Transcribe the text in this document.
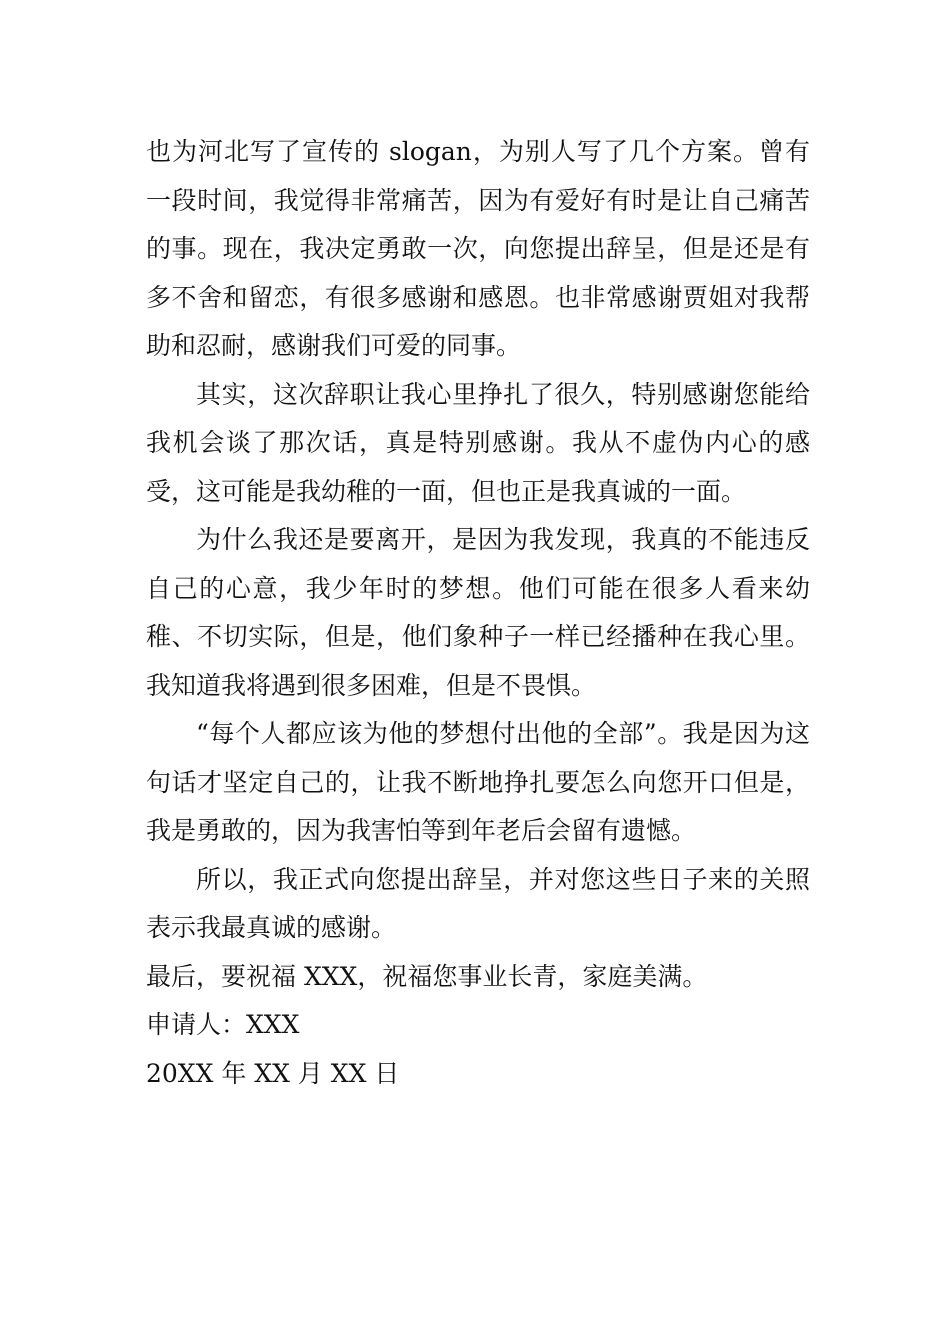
也为河北写了宣传的 slogan，为别人写了几个方案。曾有一段时间，我觉得非常痛苦，因为有爱好有时是让自己痛苦的事。现在，我决定勇敢一次，向您提出辞呈，但是还是有多不舍和留恋，有很多感谢和感恩。也非常感谢贾姐对我帮助和忍耐，感谢我们可爱的同事。

其实，这次辞职让我心里挣扎了很久，特别感谢您能给我机会谈了那次话，真是特别感谢。我从不虚伪内心的感受，这可能是我幼稚的一面，但也正是我真诚的一面。

为什么我还是要离开，是因为我发现，我真的不能违反自己的心意，我少年时的梦想。他们可能在很多人看来幼稚、不切实际，但是，他们象种子一样已经播种在我心里。我知道我将遇到很多困难，但是不畏惧。

“每个人都应该为他的梦想付出他的全部”。我是因为这句话才坚定自己的，让我不断地挣扎要怎么向您开口但是，我是勇敢的，因为我害怕等到年老后会留有遗憾。

所以，我正式向您提出辞呈，并对您这些日子来的关照表示我最真诚的感谢。

最后，要祝福 XXX，祝福您事业长青，家庭美满。

申请人：XXX

20XX 年 XX 月 XX 日
